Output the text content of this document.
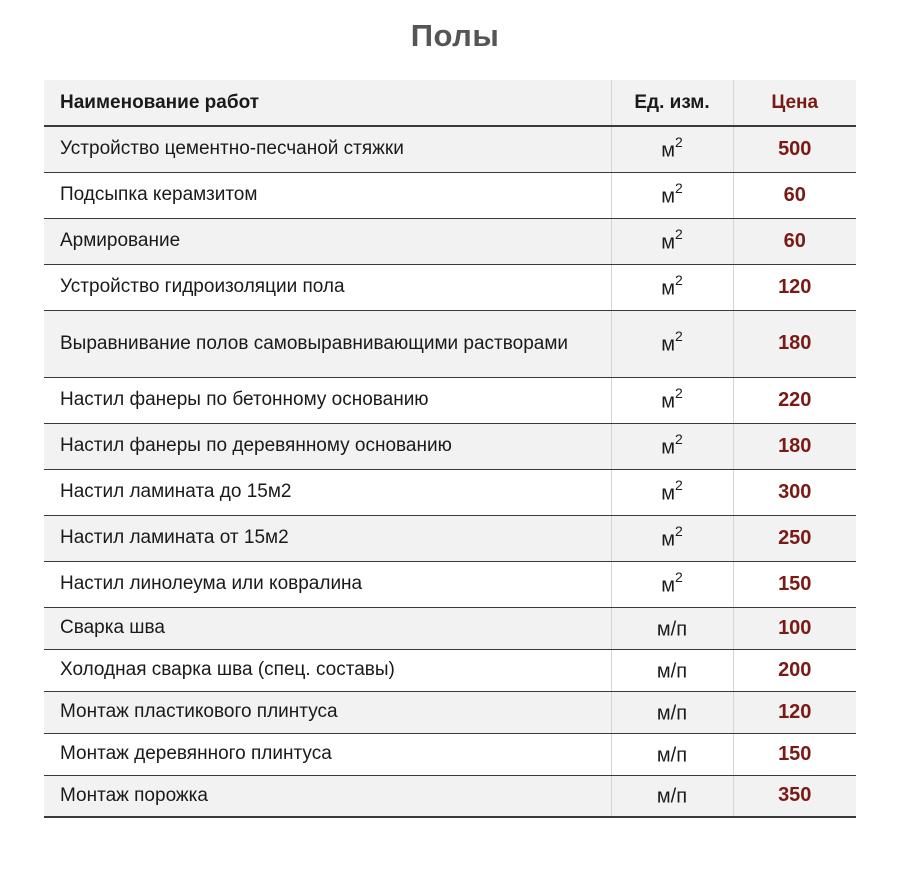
Полы
Наименование работ	Ед. изм.	Цена
Устройство цементно-песчаной стяжки	$м^2$	500
Подсыпка керамзитом	$м^2$	60
Армирование	$м^2$	60
Устройство гидроизоляции пола	$м^2$	120
Выравнивание полов самовыравнивающими растворами	$м^2$	180
Настил фанеры по бетонному основанию	$м^2$	220
Настил фанеры по деревянному основанию	$м^2$	180
Настил ламината до 15м2	$м^2$	300
Настил ламината от 15м2	$м^2$	250
Настил линолеума или ковралина	$м^2$	150
Сварка шва	м/п	100
Холодная сварка шва (спец. составы)	м/п	200
Монтаж пластикового плинтуса	м/п	120
Монтаж деревянного плинтуса	м/п	150
Монтаж порожка	м/п	350
